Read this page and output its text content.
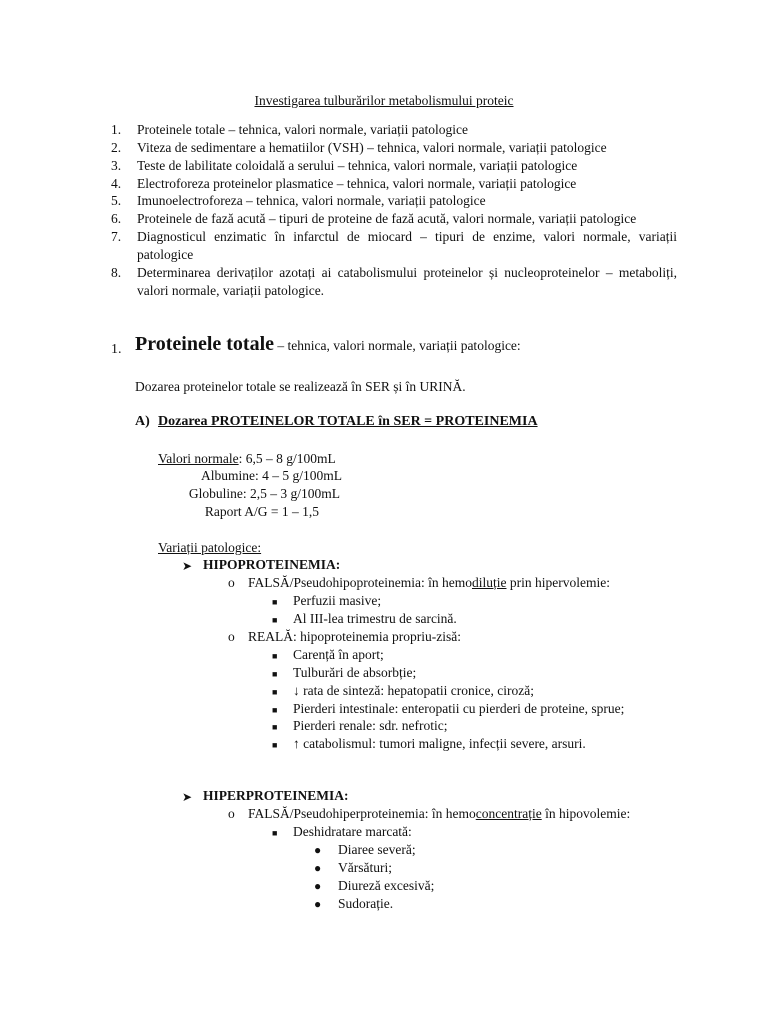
Investigarea tulburărilor metabolismului proteic
1.	Proteinele totale – tehnica, valori normale, variații patologice
2.	Viteza de sedimentare a hematiilor (VSH) – tehnica, valori normale, variații patologice
3.	Teste de labilitate coloidală a serului – tehnica, valori normale, variații patologice
4.	Electroforeza proteinelor plasmatice – tehnica, valori normale, variații patologice
5.	Imunoelectroforeza – tehnica, valori normale, variații patologice
6.	Proteinele de fază acută – tipuri de proteine de fază acută, valori normale, variații patologice
7.	Diagnosticul enzimatic în infarctul de miocard – tipuri de enzime, valori normale, variații
patologice
8.	Determinarea derivaților azotați ai catabolismului proteinelor și nucleoproteinelor – metaboliți,
valori normale, variații patologice.
1. Proteinele totale – tehnica, valori normale, variații patologice:
Dozarea proteinelor totale se realizează în SER și în URINĂ.
A) Dozarea PROTEINELOR TOTALE în SER = PROTEINEMIA
Valori normale: 6,5 – 8 g/100mL
Albumine: 4 – 5 g/100mL
Globuline: 2,5 – 3 g/100mL
Raport A/G = 1 – 1,5
Variații patologice:
➤ HIPOPROTEINEMIA:
o FALSĂ/Pseudohipoproteinemia: în hemodiluție prin hipervolemie:
■ Perfuzii masive;
■ Al III-lea trimestru de sarcină.
o REALĂ: hipoproteinemia propriu-zisă:
■ Carență în aport;
■ Tulburări de absorbție;
■ ↓ rata de sinteză: hepatopatii cronice, ciroză;
■ Pierderi intestinale: enteropatii cu pierderi de proteine, sprue;
■ Pierderi renale: sdr. nefrotic;
■ ↑ catabolismul: tumori maligne, infecții severe, arsuri.
➤ HIPERPROTEINEMIA:
o FALSĂ/Pseudohiperproteinemia: în hemoconcentrație în hipovolemie:
■ Deshidratare marcată:
● Diaree severă;
● Vărsături;
● Diureză excesivă;
● Sudorație.
